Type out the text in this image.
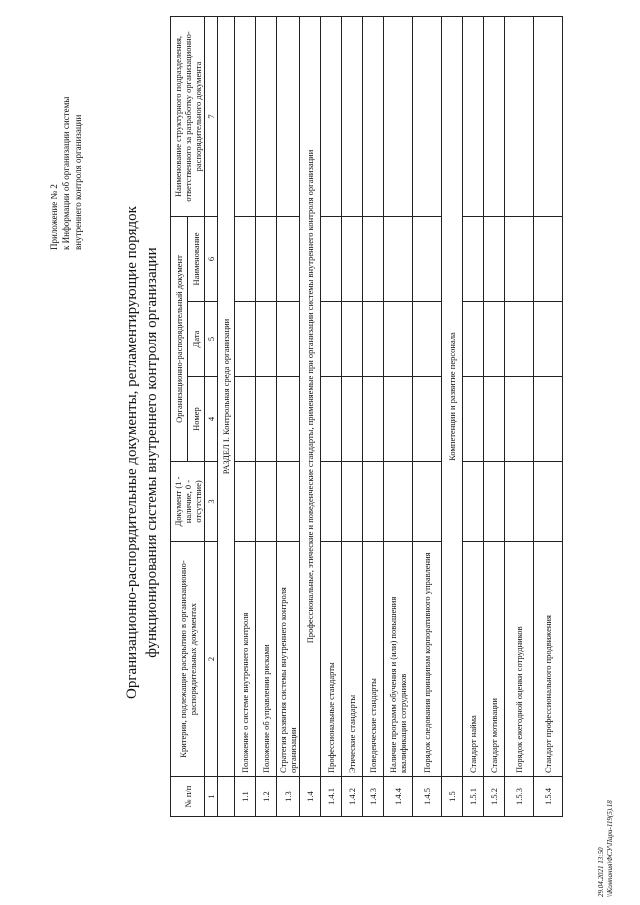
Приложение № 2 к Информации об организации системы внутреннего контроля организации
Организационно-распорядительные документы, регламентирующие порядок функционирования системы внутреннего контроля организации
№ п/п	Критерии, подлежащие раскрытию в организационно-распорядительных документах	Документ (1 - наличие, 0 - отсутствие)	Организационно-распорядительный документ			Наименование структурного подразделения, ответственного за разработку организационно-распорядительного документа
			Номер	Дата	Наименование	
1	2	3	4	5	6	7
	РАЗДЕЛ I. Контрольная среда организации					
1.1	Положение о системе внутреннего контроля					
1.2	Положение об управлении рисками					
1.3	Стратегия развития системы внутреннего контроля организации					
1.4	Профессиональные, этические и поведенческие стандарты, применяемые при организации системы внутреннего контроля организации					
1.4.1	Профессиональные стандарты					
1.4.2	Этические стандарты					
1.4.3	Поведенческие стандарты					
1.4.4	Наличие программ обучения и (или) повышения квалификации сотрудников					
1.4.5	Порядок следования принципам корпоративного управления					
1.5	Компетенции и развитие персонала					
1.5.1	Стандарт найма					
1.5.2	Стандарт мотивации					
1.5.3	Порядок ежегодной оценки сотрудников					
1.5.4	Стандарт профессионального продвижения					
29.04.2021 13:50 \\Компания\ФСУ\Пари-119(5).18
